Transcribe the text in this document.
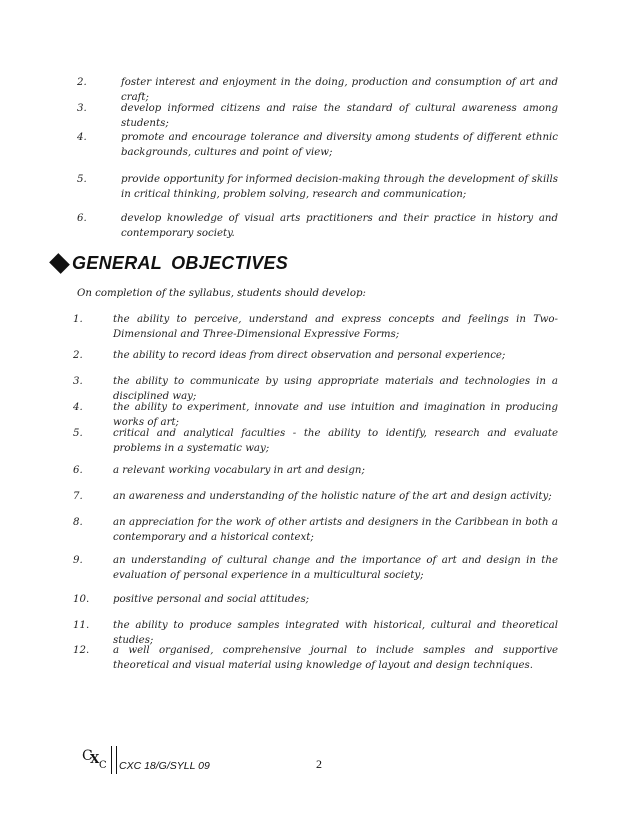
2.	foster interest and enjoyment in the doing, production and consumption of art and craft;
3.	develop informed citizens and raise the standard of cultural awareness among students;
4.	promote and encourage tolerance and diversity among students of different ethnic backgrounds, cultures and point of view;
5.	provide opportunity for informed decision-making through the development of skills in critical thinking, problem solving, research and communication;
6.	develop knowledge of visual arts practitioners and their practice in history and contemporary society.
GENERAL OBJECTIVES
On completion of the syllabus, students should develop:
1.	the ability to perceive, understand and express concepts and feelings in Two-Dimensional and Three-Dimensional Expressive Forms;
2.	the ability to record ideas from direct observation and personal experience;
3.	the ability to communicate by using appropriate materials and technologies in a disciplined way;
4.	the ability to experiment, innovate and use intuition and imagination in producing works of art;
5.	critical and analytical faculties - the ability to identify, research and evaluate problems in a systematic way;
6.	a relevant working vocabulary in art and design;
7.	an awareness and understanding of the holistic nature of the art and design activity;
8.	an appreciation for the work of other artists and designers in the Caribbean in both a contemporary and a historical context;
9.	an understanding of cultural change and the importance of art and design in the evaluation of personal experience in a multicultural society;
10. positive personal and social attitudes;
11. the ability to produce samples integrated with historical, cultural and theoretical studies;
12. a well organised, comprehensive journal to include samples and supportive theoretical and visual material using knowledge of layout and design techniques.
C
X C CXC 18/G/SYLL 09	2
